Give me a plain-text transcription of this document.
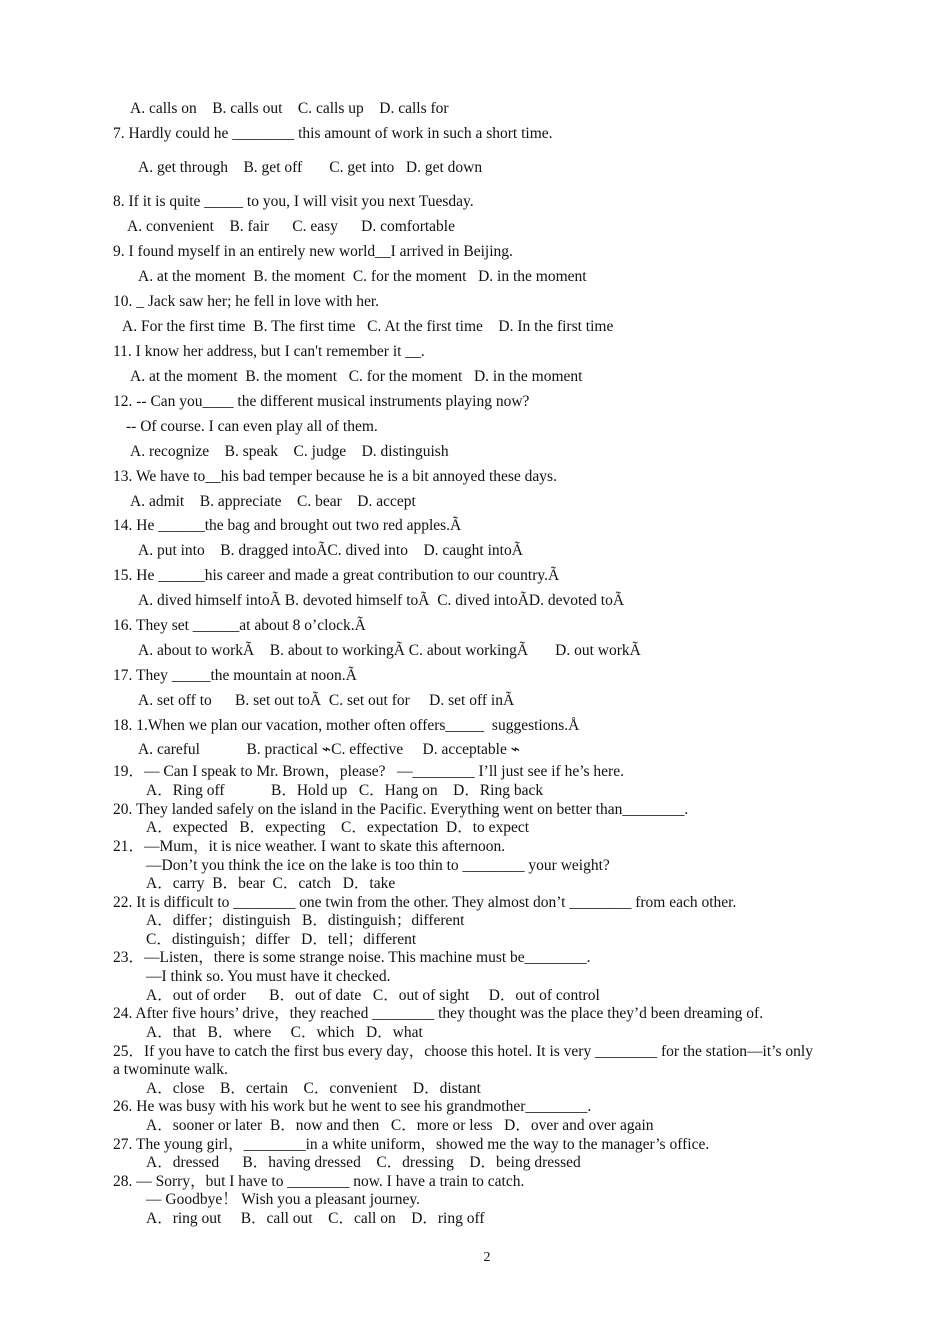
A. calls on    B. calls out    C. calls up    D. calls for
7. Hardly could he ________ this amount of work in such a short time.
A. get through    B. get off       C. get into   D. get down
8. If it is quite _____ to you, I will visit you next Tuesday.
A. convenient    B. fair      C. easy      D. comfortable
9. I found myself in an entirely new world__I arrived in Beijing.
A. at the moment  B. the moment  C. for the moment   D. in the moment
10. _ Jack saw her; he fell in love with her.
A. For the first time  B. The first time   C. At the first time    D. In the first time
11. I know her address, but I can't remember it __.
A. at the moment  B. the moment   C. for the moment   D. in the moment
12. -- Can you____ the different musical instruments playing now?
-- Of course. I can even play all of them.
A. recognize    B. speak    C. judge    D. distinguish
13. We have to__his bad temper because he is a bit annoyed these days.
A. admit    B. appreciate    C. bear    D. accept
14. He ______the bag and brought out two red apples.Ã
A. put into    B. dragged intoÃC. dived into    D. caught intoÃ
15. He ______his career and made a great contribution to our country.Ã
A. dived himself intoÃ B. devoted himself toÃ  C. dived intoÃD. devoted toÃ
16. They set ______at about 8 o’clock.Ã
A. about to workÃ    B. about to workingÃ C. about workingÃ       D. out workÃ
17. They _____the mountain at noon.Ã
A. set off to      B. set out toÃ  C. set out for     D. set off inÃ
18. 1.When we plan our vacation, mother often offers_____  suggestions.Å
A. careful            B. practical ⌁C. effective     D. acceptable ⌁
19．— Can I speak to Mr. Brown，please?   —________ I’ll just see if he’s here.
A．Ring off            B．Hold up   C．Hang on    D．Ring back
20. They landed safely on the island in the Pacific. Everything went on better than________.
A．expected   B．expecting    C．expectation  D．to expect
21．—Mum，it is nice weather. I want to skate this afternoon.
—Don’t you think the ice on the lake is too thin to ________ your weight?
A．carry  B．bear  C．catch   D．take
22. It is difficult to ________ one twin from the other. They almost don’t ________ from each other.
A．differ；distinguish   B．distinguish；different
C．distinguish；differ   D．tell；different
23．—Listen，there is some strange noise. This machine must be________.
—I think so. You must have it checked.
A．out of order      B．out of date   C．out of sight     D．out of control
24. After five hours’ drive，they reached ________ they thought was the place they’d been dreaming of.
A．that   B．where     C．which   D．what
25．If you have to catch the first bus every day，choose this hotel. It is very ________ for the station—it’s only
a twominute walk.
A．close    B．certain    C．convenient    D．distant
26. He was busy with his work but he went to see his grandmother________.
A．sooner or later  B．now and then   C．more or less   D．over and over again
27. The young girl，________in a white uniform，showed me the way to the manager’s office.
A．dressed      B．having dressed    C．dressing    D．being dressed
28. — Sorry，but I have to ________ now. I have a train to catch.
— Goodbye！ Wish you a pleasant journey.
A．ring out     B．call out    C．call on    D．ring off
2
